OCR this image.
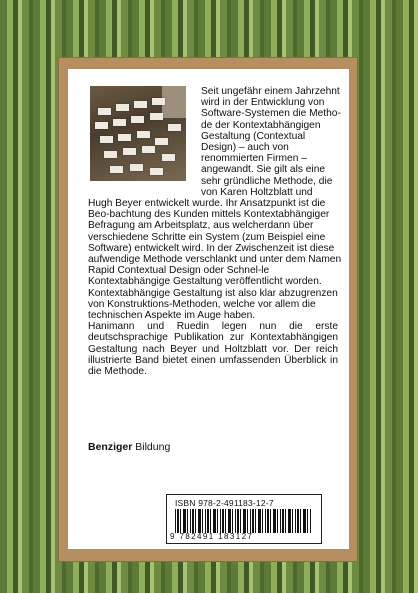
Seit ungefähr einem Jahrzehnt wird in der Entwicklung von Software-Systemen die Metho-de der Kontextabhängigen Gestaltung (Contextual Design) – auch von renommierten Firmen – angewandt. Sie gilt als eine sehr gründliche Methode, die von Karen Holtzblatt und

Hugh Beyer entwickelt wurde. Ihr Ansatzpunkt ist die Beo-bachtung des Kunden mittels Kontextabhängiger Befragung am Arbeitsplatz, aus welcherdann über verschiedene Schritte ein System (zum Beispiel eine Software) entwickelt wird. In der Zwischenzeit ist diese aufwendige Methode verschlankt und unter dem Namen Rapid Contextual Design oder Schnel-le Kontextabhängige Gestaltung veröffentlicht worden. Kontextabhängige Gestaltung ist also klar abzugrenzen von Konstruktions-Methoden, welche vor allem die technischen Aspekte im Auge haben.

Hanimann und Ruedin legen nun die erste deutschsprachige Publikation zur Kontextabhängigen Gestaltung nach Beyer und Holtzblatt vor. Der reich illustrierte Band bietet einen umfassenden Überblick in die Methode.

Benziger Bildung
ISBN 978-2-491183-12-7
9 782491 183127
